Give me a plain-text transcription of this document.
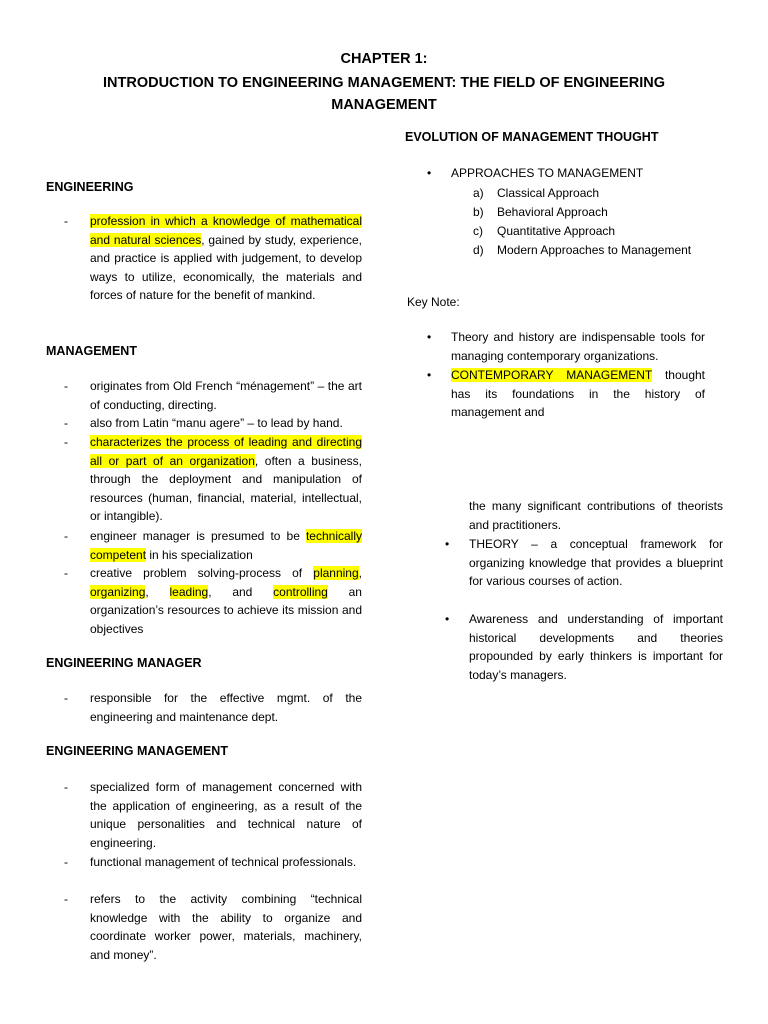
CHAPTER 1:
INTRODUCTION TO ENGINEERING MANAGEMENT: THE FIELD OF ENGINEERING MANAGEMENT
ENGINEERING
- profession in which a knowledge of mathematical and natural sciences, gained by study, experience, and practice is applied with judgement, to develop ways to utilize, economically, the materials and forces of nature for the benefit of mankind.
MANAGEMENT
- originates from Old French “ménagement” – the art of conducting, directing.
- also from Latin “manu agere” – to lead by hand.
- characterizes the process of leading and directing all or part of an organization, often a business, through the deployment and manipulation of resources (human, financial, material, intellectual, or intangible).
- engineer manager is presumed to be technically competent in his specialization
- creative problem solving-process of planning, organizing, leading, and controlling an organization’s resources to achieve its mission and objectives
ENGINEERING MANAGER
- responsible for the effective mgmt. of the engineering and maintenance dept.
ENGINEERING MANAGEMENT
- specialized form of management concerned with the application of engineering, as a result of the unique personalities and technical nature of engineering.
- functional management of technical professionals.
- refers to the activity combining “technical knowledge with the ability to organize and coordinate worker power, materials, machinery, and money”.
EVOLUTION OF MANAGEMENT THOUGHT
• APPROACHES TO MANAGEMENT
a)	Classical Approach
b)	Behavioral Approach
c)	Quantitative Approach
d)	Modern Approaches to Management
Key Note:
• Theory and history are indispensable tools for managing contemporary organizations.
• CONTEMPORARY MANAGEMENT thought has its foundations in the history of management and
the many significant contributions of theorists and practitioners.
• THEORY – a conceptual framework for organizing knowledge that provides a blueprint for various courses of action.
• Awareness and understanding of important historical developments and theories propounded by early thinkers is important for today’s managers.
